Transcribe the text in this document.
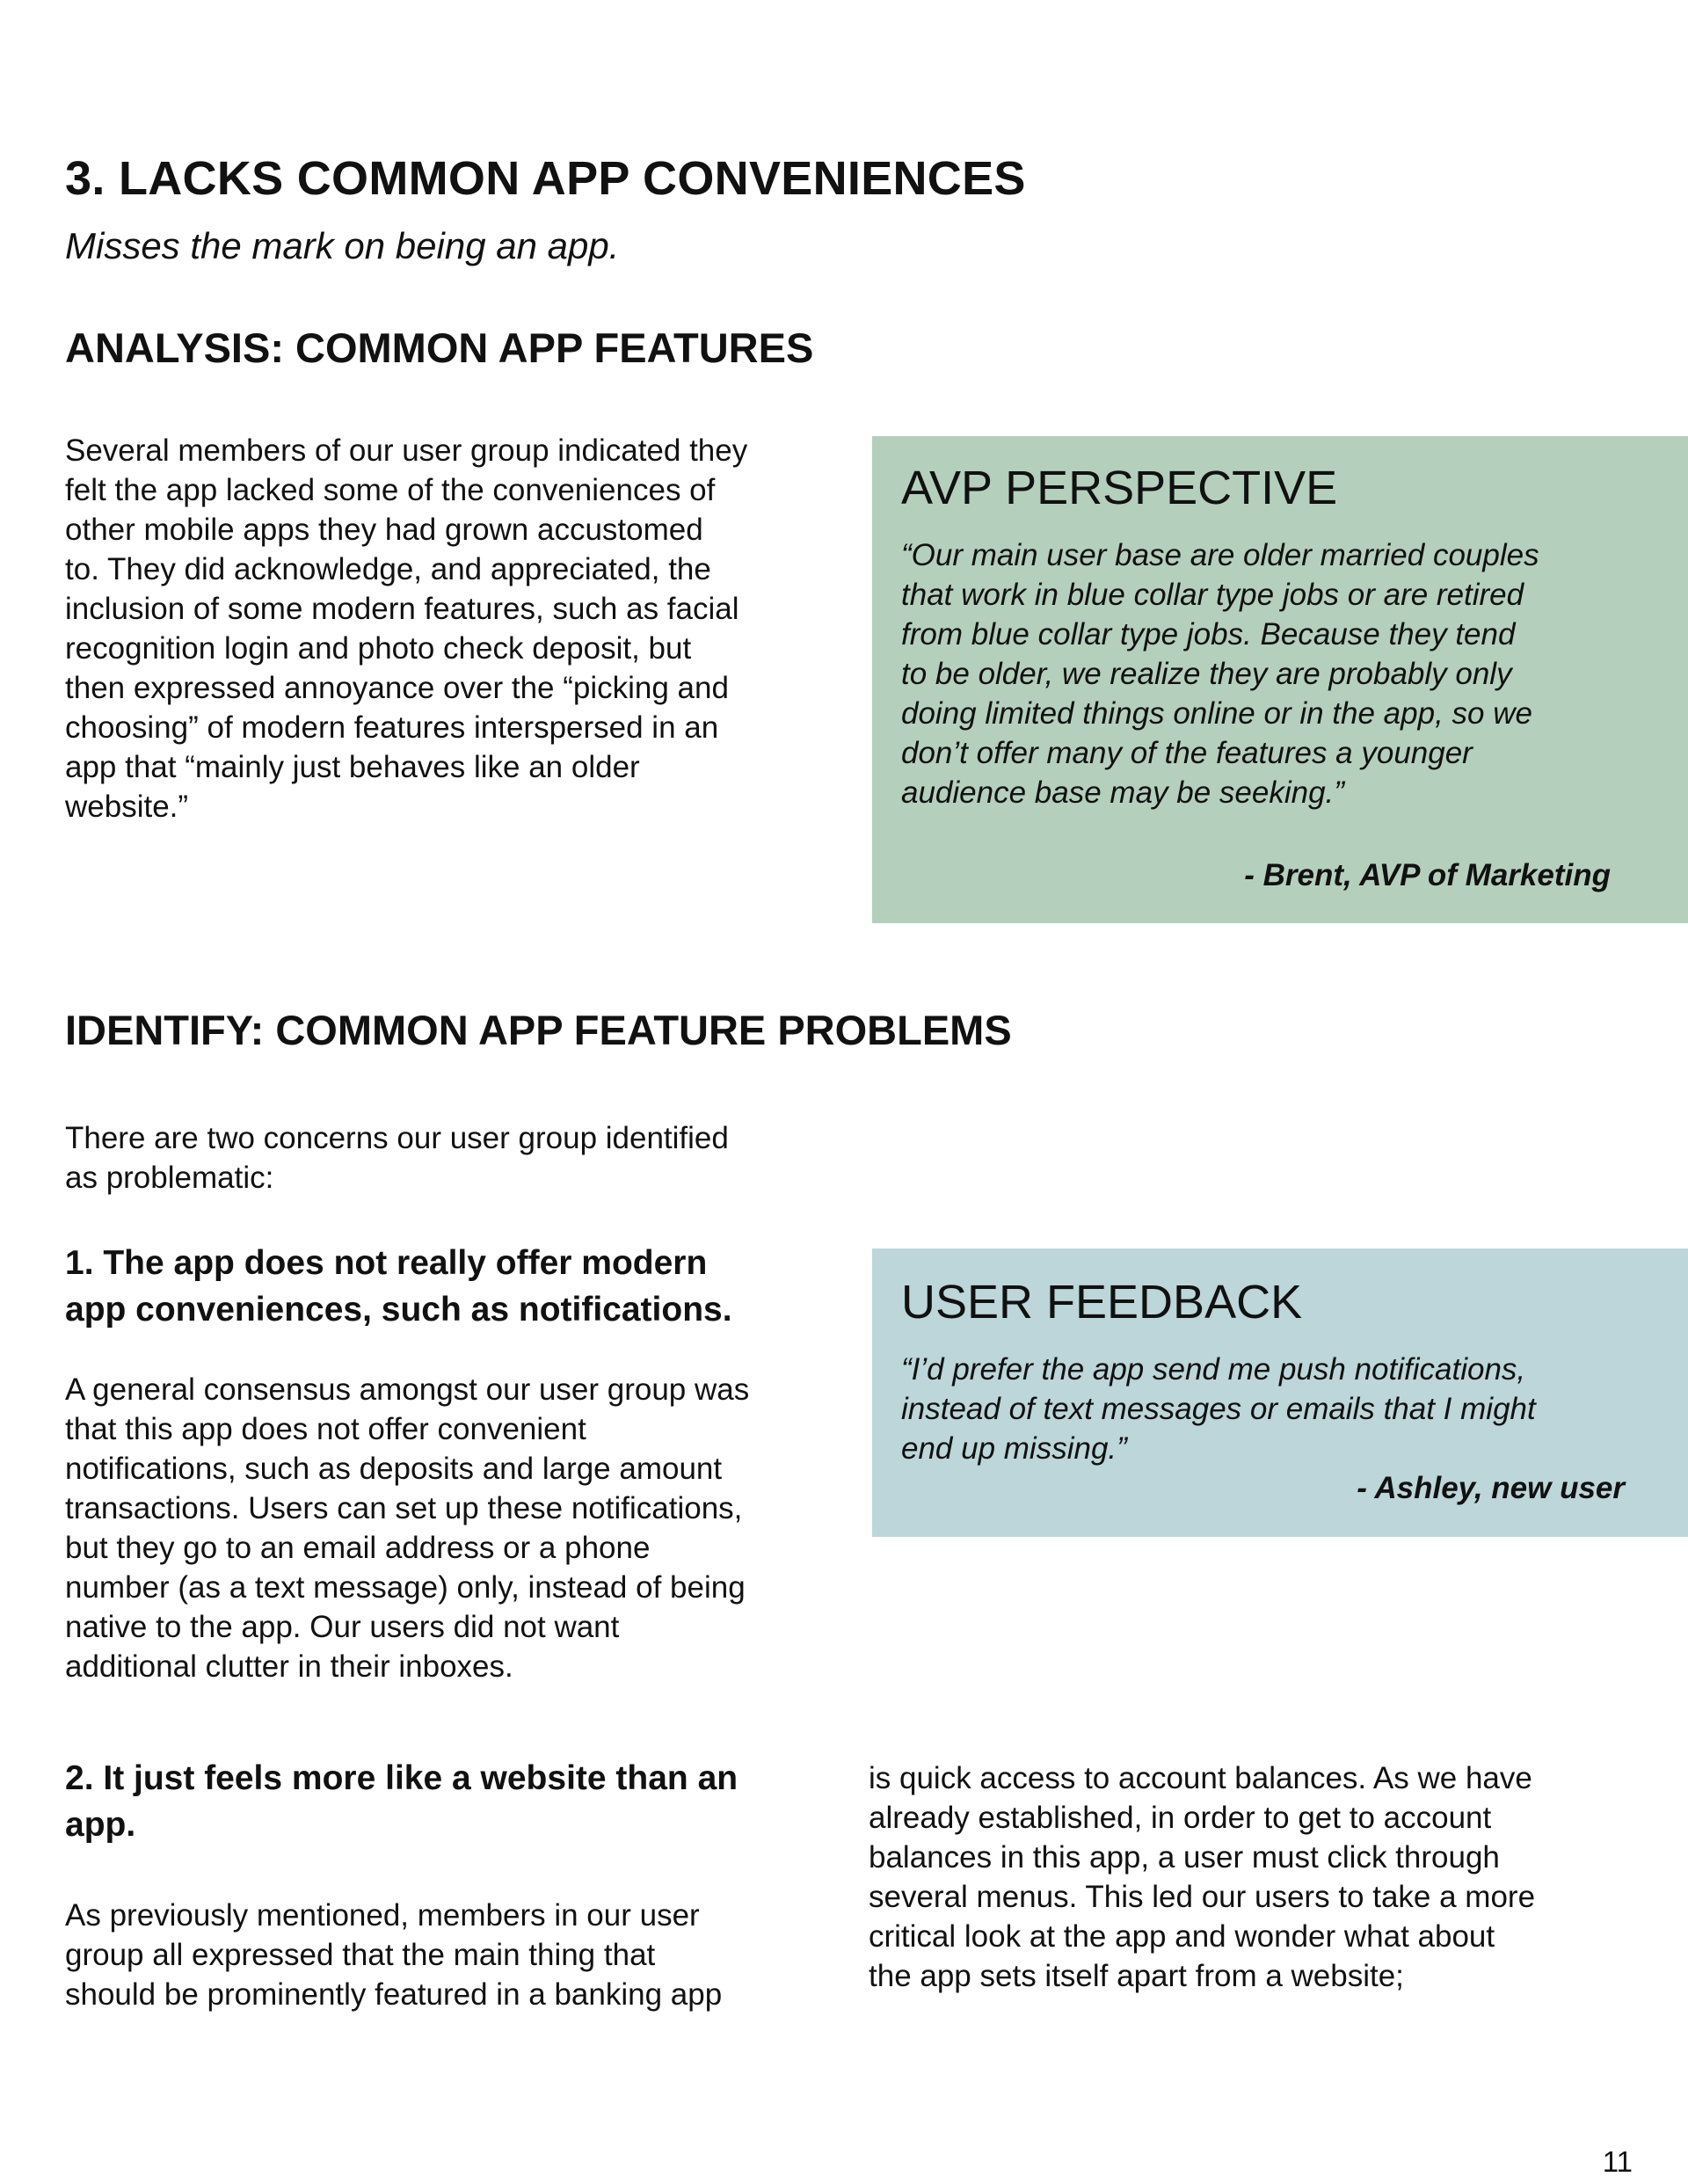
3. LACKS COMMON APP CONVENIENCES

Misses the mark on being an app.

ANALYSIS: COMMON APP FEATURES
Several members of our user group indicated they
felt the app lacked some of the conveniences of
other mobile apps they had grown accustomed
to. They did acknowledge, and appreciated, the
inclusion of some modern features, such as facial
recognition login and photo check deposit, but
then expressed annoyance over the “picking and
choosing” of modern features interspersed in an
app that “mainly just behaves like an older
website.”
AVP PERSPECTIVE
“Our main user base are older married couples
that work in blue collar type jobs or are retired
from blue collar type jobs. Because they tend
to be older, we realize they are probably only
doing limited things online or in the app, so we
don’t offer many of the features a younger
audience base may be seeking.”

- Brent, AVP of Marketing

IDENTIFY: COMMON APP FEATURE PROBLEMS
There are two concerns our user group identified
as problematic:
1. The app does not really offer modern
app conveniences, such as notifications.
A general consensus amongst our user group was
that this app does not offer convenient
notifications, such as deposits and large amount
transactions. Users can set up these notifications,
but they go to an email address or a phone
number (as a text message) only, instead of being
native to the app. Our users did not want
additional clutter in their inboxes.
USER FEEDBACK
“I’d prefer the app send me push notifications,
instead of text messages or emails that I might
end up missing.”

- Ashley, new user

2. It just feels more like a website than an
app.
As previously mentioned, members in our user
group all expressed that the main thing that
should be prominently featured in a banking app
is quick access to account balances. As we have
already established, in order to get to account
balances in this app, a user must click through
several menus. This led our users to take a more
critical look at the app and wonder what about
the app sets itself apart from a website;

11
